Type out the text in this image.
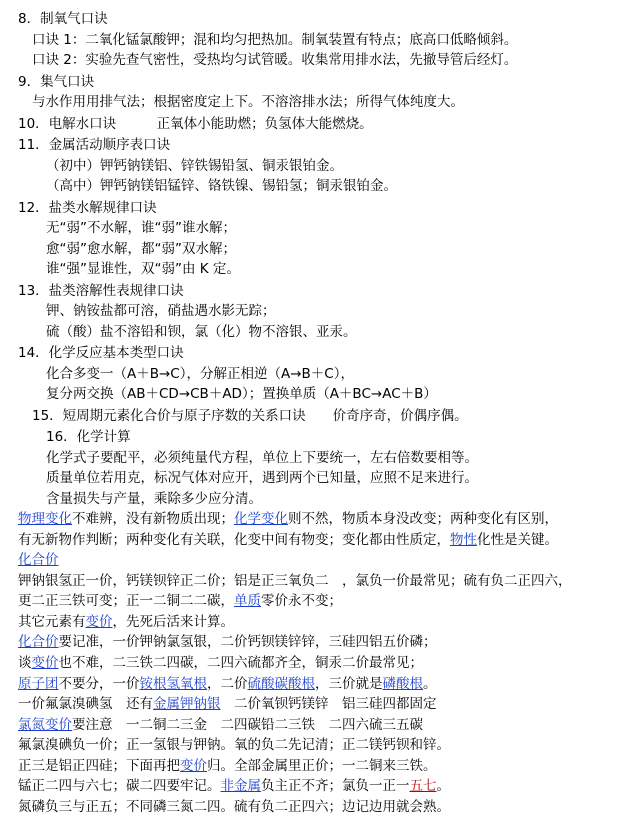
8．制氧气口诀
口诀 1：二氧化锰氯酸钾；混和均匀把热加。制氧装置有特点；底高口低略倾斜。
口诀 2：实验先查气密性，受热均匀试管暖。收集常用排水法，先撤导管后经灯。
9．集气口诀
与水作用用排气法；根据密度定上下。不溶溶排水法；所得气体纯度大。
10．电解水口诀　　　正氧体小能助燃；负氢体大能燃烧。
11．金属活动顺序表口诀
（初中）钾钙钠镁铝、锌铁锡铅氢、铜汞银铂金。
（高中）钾钙钠镁铝锰锌、铬铁镍、锡铅氢；铜汞银铂金。
12．盐类水解规律口诀
无“弱”不水解，谁“弱”谁水解；
愈“弱”愈水解，都“弱”双水解；
谁“强”显谁性，双“弱”由 K 定。
13．盐类溶解性表规律口诀
钾、钠铵盐都可溶，硝盐遇水影无踪；
硫（酸）盐不溶铅和钡，氯（化）物不溶银、亚汞。
14．化学反应基本类型口诀
化合多变一（A＋B→C），分解正相逆（A→B＋C），
复分两交换（AB＋CD→CB＋AD）；置换单质（A＋BC→AC＋B）
15．短周期元素化合价与原子序数的关系口诀　　价奇序奇，价偶序偶。
16．化学计算
化学式子要配平，必须纯量代方程，单位上下要统一，左右倍数要相等。
质量单位若用克，标况气体对应开，遇到两个已知量，应照不足来进行。
含量损失与产量，乘除多少应分清。
物理变化不难辨，没有新物质出现；化学变化则不然，物质本身没改变；两种变化有区别，
有无新物作判断；两种变化有关联，化变中间有物变；变化都由性质定，物性化性是关键。
化合价
钾钠银氢正一价，钙镁钡锌正二价；铝是正三氧负二　，氯负一价最常见；硫有负二正四六，
更二正三铁可变；正一二铜二二碳，单质零价永不变；
其它元素有变价，先死后活来计算。
化合价要记准，一价钾钠氯氢银，二价钙钡镁锌锌，三硅四铝五价磷；
谈变价也不难，二三铁二四碳，二四六硫都齐全，铜汞二价最常见；
原子团不要分，一价铵根氢氧根，二价硫酸碳酸根，三价就是磷酸根。
一价氟氯溴碘氢　还有金属钾钠银　二价氧钡钙镁锌　铝三硅四都固定
氯氮变价要注意　一二铜二三金　二四碳铅二三铁　二四六硫三五碳
氟氯溴碘负一价；正一氢银与钾钠。氧的负二先记清；正二镁钙钡和锌。
正三是铝正四硅；下面再把变价归。全部金属里正价；一二铜来三铁。
锰正二四与六七；碳二四要牢记。非金属负主正不齐；氯负一正一五七。
氮磷负三与正五；不同磷三氮二四。硫有负二正四六；边记边用就会熟。
